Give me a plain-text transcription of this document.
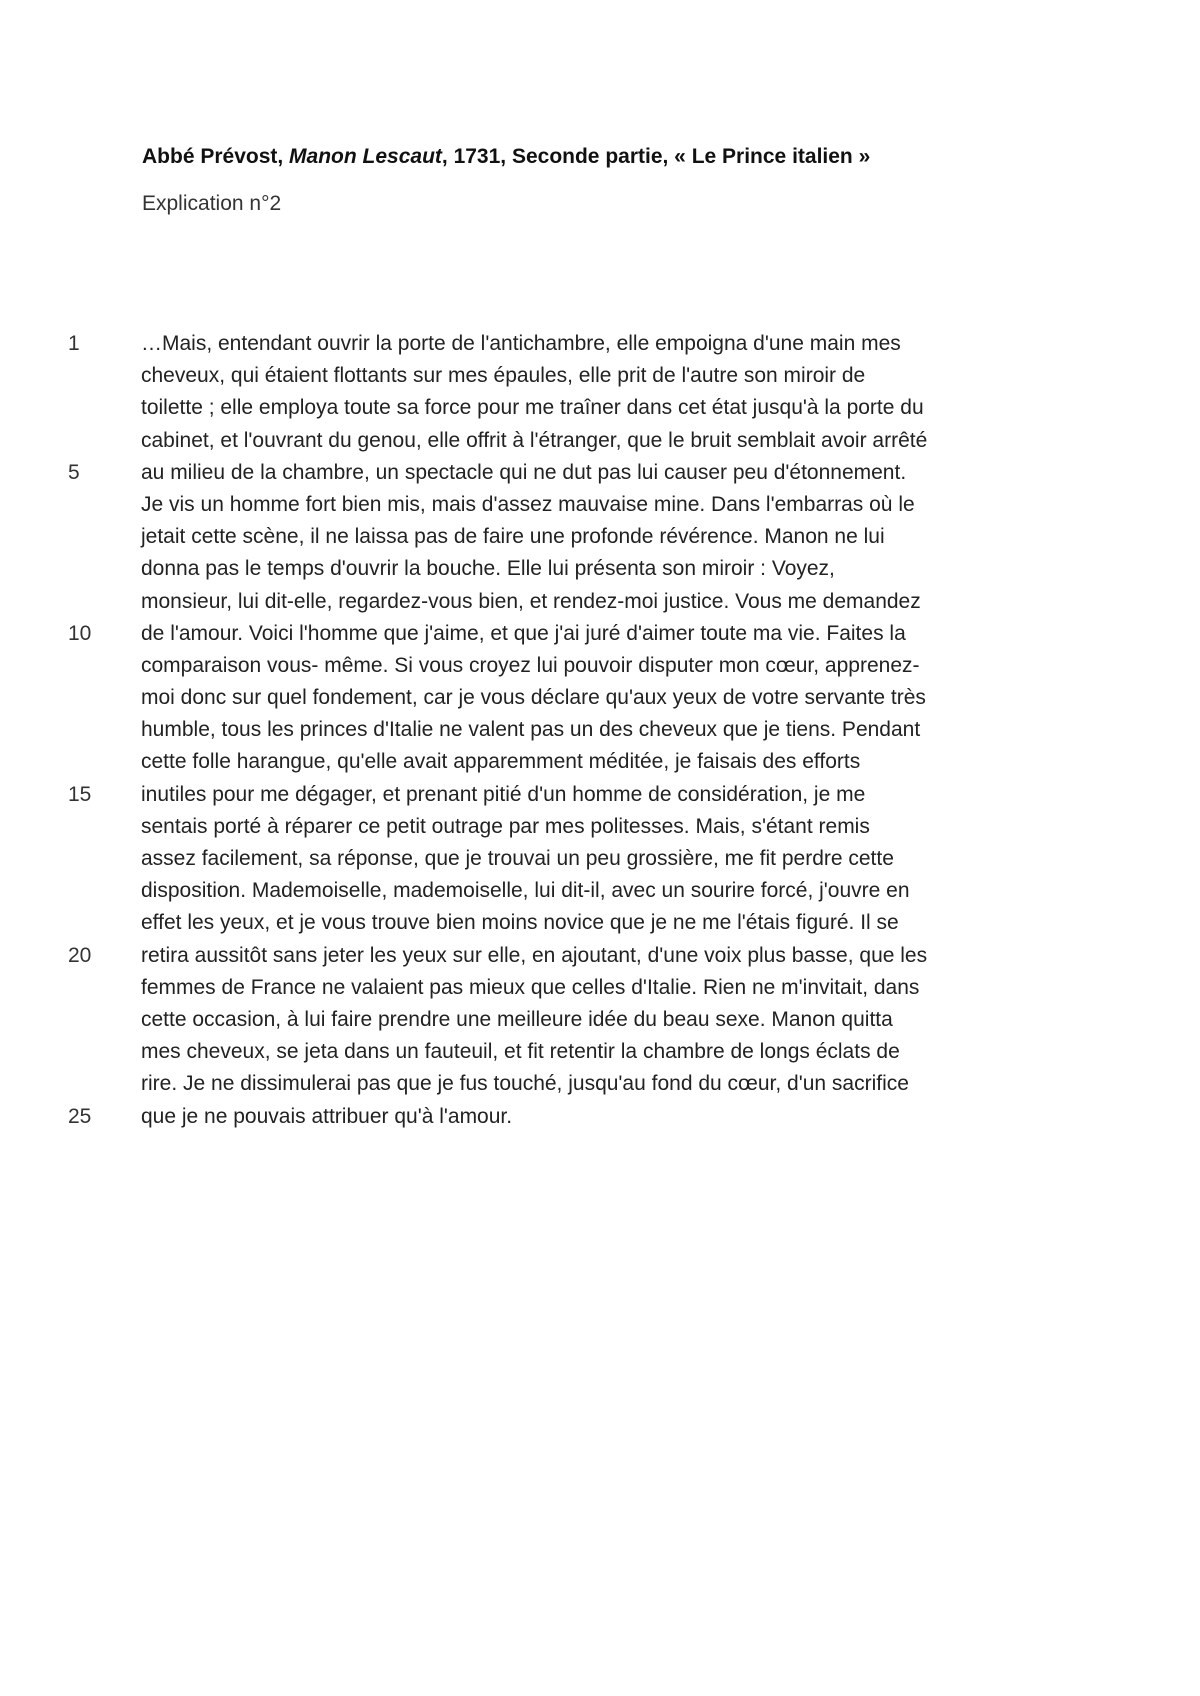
Abbé Prévost, Manon Lescaut, 1731, Seconde partie, « Le Prince italien »
Explication n°2
1	…Mais, entendant ouvrir la porte de l'antichambre, elle empoigna d'une main mes
cheveux, qui étaient flottants sur mes épaules, elle prit de l'autre son miroir de
toilette ; elle employa toute sa force pour me traîner dans cet état jusqu'à la porte du
cabinet, et l'ouvrant du genou, elle offrit à l'étranger, que le bruit semblait avoir arrêté
5	au milieu de la chambre, un spectacle qui ne dut pas lui causer peu d'étonnement.
Je vis un homme fort bien mis, mais d'assez mauvaise mine. Dans l'embarras où le
jetait cette scène, il ne laissa pas de faire une profonde révérence. Manon ne lui
donna pas le temps d'ouvrir la bouche. Elle lui présenta son miroir : Voyez,
monsieur, lui dit-elle, regardez-vous bien, et rendez-moi justice. Vous me demandez
10 de l'amour. Voici l'homme que j'aime, et que j'ai juré d'aimer toute ma vie. Faites la
comparaison vous- même. Si vous croyez lui pouvoir disputer mon cœur, apprenez-
moi donc sur quel fondement, car je vous déclare qu'aux yeux de votre servante très
humble, tous les princes d'Italie ne valent pas un des cheveux que je tiens. Pendant
cette folle harangue, qu'elle avait apparemment méditée, je faisais des efforts
15 inutiles pour me dégager, et prenant pitié d'un homme de considération, je me
sentais porté à réparer ce petit outrage par mes politesses. Mais, s'étant remis
assez facilement, sa réponse, que je trouvai un peu grossière, me fit perdre cette
disposition. Mademoiselle, mademoiselle, lui dit-il, avec un sourire forcé, j'ouvre en
effet les yeux, et je vous trouve bien moins novice que je ne me l'étais figuré. Il se
20 retira aussitôt sans jeter les yeux sur elle, en ajoutant, d'une voix plus basse, que les
femmes de France ne valaient pas mieux que celles d'Italie. Rien ne m'invitait, dans
cette occasion, à lui faire prendre une meilleure idée du beau sexe. Manon quitta
mes cheveux, se jeta dans un fauteuil, et fit retentir la chambre de longs éclats de
rire. Je ne dissimulerai pas que je fus touché, jusqu'au fond du cœur, d'un sacrifice
25 que je ne pouvais attribuer qu'à l'amour.
